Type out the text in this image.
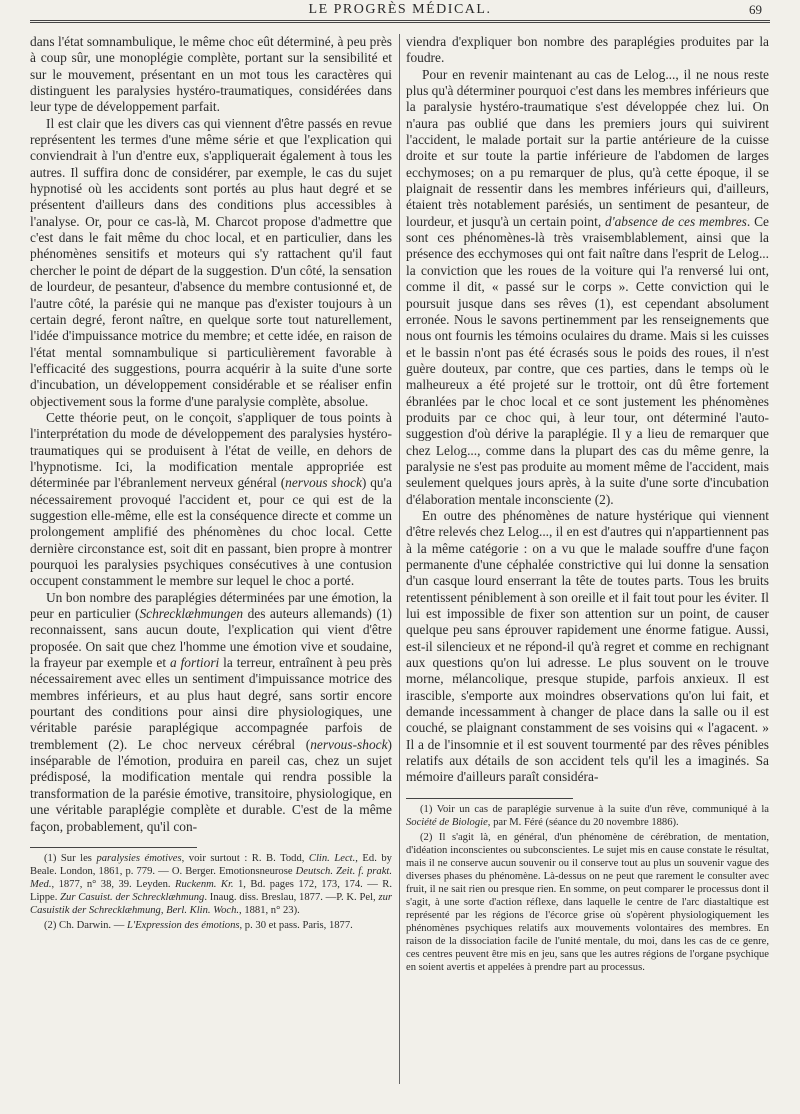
LE PROGRÈS MÉDICAL.	69

dans l'état somnambulique, le même choc eût déterminé, à peu près à coup sûr, une monoplégie complète, portant sur la sensibilité et sur le mouvement, présentant en un mot tous les caractères qui distinguent les paralysies hystéro-traumatiques, considérées dans leur type de développement parfait.

Il est clair que les divers cas qui viennent d'être passés en revue représentent les termes d'une même série et que l'explication qui conviendrait à l'un d'entre eux, s'appliquerait également à tous les autres. Il suffira donc de considérer, par exemple, le cas du sujet hypnotisé où les accidents sont portés au plus haut degré et se présentent d'ailleurs dans des conditions plus accessibles à l'analyse. Or, pour ce cas-là, M. Charcot propose d'admettre que c'est dans le fait même du choc local, et en particulier, dans les phénomènes sensitifs et moteurs qui s'y rattachent qu'il faut chercher le point de départ de la suggestion. D'un côté, la sensation de lourdeur, de pesanteur, d'absence du membre contusionné et, de l'autre côté, la parésie qui ne manque pas d'exister toujours à un certain degré, feront naître, en quelque sorte tout naturellement, l'idée d'impuissance motrice du membre; et cette idée, en raison de l'état mental somnambulique si particulièrement favorable à l'efficacité des suggestions, pourra acquérir à la suite d'une sorte d'incubation, un développement considérable et se réaliser enfin objectivement sous la forme d'une paralysie complète, absolue.

Cette théorie peut, on le conçoit, s'appliquer de tous points à l'interprétation du mode de développement des paralysies hystéro-traumatiques qui se produisent à l'état de veille, en dehors de l'hypnotisme. Ici, la modification mentale appropriée est déterminée par l'ébranlement nerveux général (nervous shock) qu'a nécessairement provoqué l'accident et, pour ce qui est de la suggestion elle-même, elle est la conséquence directe et comme un prolongement amplifié des phénomènes du choc local. Cette dernière circonstance est, soit dit en passant, bien propre à montrer pourquoi les paralysies psychiques consécutives à une contusion occupent constamment le membre sur lequel le choc a porté.

Un bon nombre des paraplégies déterminées par une émotion, la peur en particulier (Schrecklæhmungen des auteurs allemands) (1) reconnaissent, sans aucun doute, l'explication qui vient d'être proposée. On sait que chez l'homme une émotion vive et soudaine, la frayeur par exemple et a fortiori la terreur, entraînent à peu près nécessairement avec elles un sentiment d'impuissance motrice des membres inférieurs, et au plus haut degré, sans sortir encore pourtant des conditions pour ainsi dire physiologiques, une véritable parésie paraplégique accompagnée parfois de tremblement (2). Le choc nerveux cérébral (nervous-shock) inséparable de l'émotion, produira en pareil cas, chez un sujet prédisposé, la modification mentale qui rendra possible la transformation de la parésie émotive, transitoire, physiologique, en une véritable paraplégie complète et durable. C'est de la même façon, probablement, qu'il con-

(1) Sur les paralysies émotives, voir surtout : R. B. Todd, Clin. Lect., Ed. by Beale. London, 1861, p. 779. — O. Berger. Emotionsneurose Deutsch. Zeit. f. prakt. Med., 1877, n° 38, 39. Leyden. Ruckenm. Kr. 1, Bd. pages 172, 173, 174. — R. Lippe. Zur Casuist. der Schrecklæhmung. Inaug. diss. Breslau, 1877. —P. K. Pel, zur Casuistik der Schrecklæhmung, Berl. Klin. Woch., 1881, n° 23).

(2) Ch. Darwin. — L'Expression des émotions, p. 30 et pass. Paris, 1877.

viendra d'expliquer bon nombre des paraplégies produites par la foudre.

Pour en revenir maintenant au cas de Lelog..., il ne nous reste plus qu'à déterminer pourquoi c'est dans les membres inférieurs que la paralysie hystéro-traumatique s'est développée chez lui. On n'aura pas oublié que dans les premiers jours qui suivirent l'accident, le malade portait sur la partie antérieure de la cuisse droite et sur toute la partie inférieure de l'abdomen de larges ecchymoses; on a pu remarquer de plus, qu'à cette époque, il se plaignait de ressentir dans les membres inférieurs qui, d'ailleurs, étaient très notablement parésiés, un sentiment de pesanteur, de lourdeur, et jusqu'à un certain point, d'absence de ces membres. Ce sont ces phénomènes-là très vraisemblablement, ainsi que la présence des ecchymoses qui ont fait naître dans l'esprit de Lelog... la conviction que les roues de la voiture qui l'a renversé lui ont, comme il dit, « passé sur le corps ». Cette conviction qui le poursuit jusque dans ses rêves (1), est cependant absolument erronée. Nous le savons pertinemment par les renseignements que nous ont fournis les témoins oculaires du drame. Mais si les cuisses et le bassin n'ont pas été écrasés sous le poids des roues, il n'est guère douteux, par contre, que ces parties, dans le temps où le malheureux a été projeté sur le trottoir, ont dû être fortement ébranlées par le choc local et ce sont justement les phénomènes produits par ce choc qui, à leur tour, ont déterminé l'auto-suggestion d'où dérive la paraplégie. Il y a lieu de remarquer que chez Lelog..., comme dans la plupart des cas du même genre, la paralysie ne s'est pas produite au moment même de l'accident, mais seulement quelques jours après, à la suite d'une sorte d'incubation d'élaboration mentale inconsciente (2).

En outre des phénomènes de nature hystérique qui viennent d'être relevés chez Lelog..., il en est d'autres qui n'appartiennent pas à la même catégorie : on a vu que le malade souffre d'une façon permanente d'une céphalée constrictive qui lui donne la sensation d'un casque lourd enserrant la tête de toutes parts. Tous les bruits retentissent péniblement à son oreille et il fait tout pour les éviter. Il lui est impossible de fixer son attention sur un point, de causer quelque peu sans éprouver rapidement une énorme fatigue. Aussi, est-il silencieux et ne répond-il qu'à regret et comme en rechignant aux questions qu'on lui adresse. Le plus souvent on le trouve morne, mélancolique, presque stupide, parfois anxieux. Il est irascible, s'emporte aux moindres observations qu'on lui fait, et demande incessamment à changer de place dans la salle ou il est couché, se plaignant constamment de ses voisins qui « l'agacent. » Il a de l'insomnie et il est souvent tourmenté par des rêves pénibles relatifs aux détails de son accident tels qu'il les a imaginés. Sa mémoire d'ailleurs paraît considéra-

(1) Voir un cas de paraplégie survenue à la suite d'un rêve, communiqué à la Société de Biologie, par M. Féré (séance du 20 novembre 1886).

(2) Il s'agit là, en général, d'un phénomène de cérébration, de mentation, d'idéation inconscientes ou subconscientes. Le sujet mis en cause constate le résultat, mais il ne conserve aucun souvenir ou il conserve tout au plus un souvenir vague des diverses phases du phénomène. Là-dessus on ne peut que rarement le consulter avec fruit, il ne sait rien ou presque rien. En somme, on peut comparer le processus dont il s'agit, à une sorte d'action réflexe, dans laquelle le centre de l'arc diastaltique est représenté par les régions de l'écorce grise où s'opèrent physiologiquement les phénomènes psychiques relatifs aux mouvements volontaires des membres. En raison de la dissociation facile de l'unité mentale, du moi, dans les cas de ce genre, ces centres peuvent être mis en jeu, sans que les autres régions de l'organe psychique en soient avertis et appelées à prendre part au processus.
